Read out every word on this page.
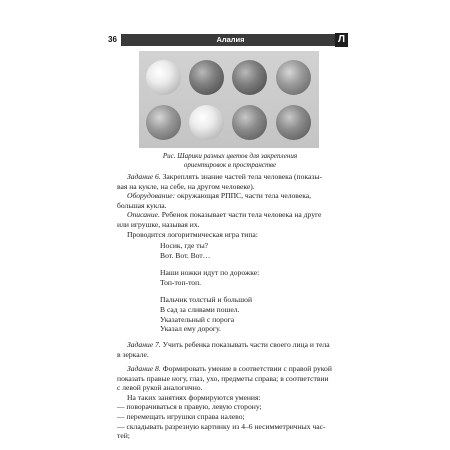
36	Алалия	Л
Рис. Шарики разных цветов для закрепления
ориентировок в пространстве
Задание 6. Закреплять знание частей тела человека (показы-
вая на кукле, на себе, на другом человеке).
Оборудование: окружающая РППС, части тела человека,
большая кукла.
Описание. Ребенок показывает части тела человека на друге
или игрушке, называя их.
Проводится логоритмическая игра типа:
Носик, где ты?
Вот. Вот. Вот…
Наши ножки идут по дорожке:
Топ-топ-топ.
Пальчик толстый и большой
В сад за сливами пошел.
Указательный с порога
Указал ему дорогу.
Задание 7. Учить ребенка показывать части своего лица и тела
в зеркале.
Задание 8. Формировать умение в соответствии с правой рукой
показать правые ногу, глаз, ухо, предметы справа; в соответствии
с левой рукой аналогично.
На таких занятиях формируются умения:
— поворачиваться в правую, левую сторону;
— перемещать игрушки справа налево;
— складывать разрезную картинку из 4–6 несимметричных час-
тей;
